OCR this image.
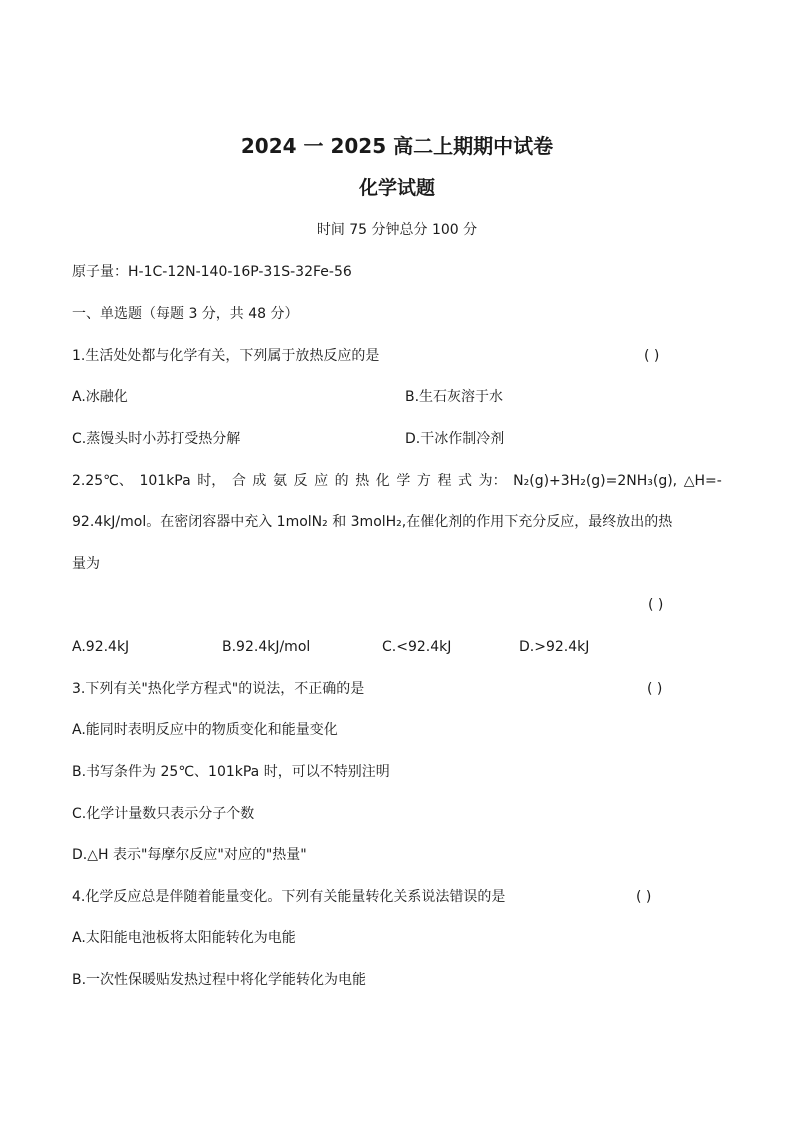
2024 一 2025 高二上期期中试卷
化学试题
时间 75 分钟总分 100 分
原子量：H-1C-12N-140-16P-31S-32Fe-56
一、单选题（每题 3 分，共 48 分）
1.生活处处都与化学有关，下列属于放热反应的是	( )
A.冰融化	B.生石灰溶于水
C.蒸馒头时小苏打受热分解	D.干冰作制冷剂
2.25℃、 101kPa 时， 合 成 氨 反 应 的 热 化 学 方 程 式 为： N₂(g)+3H₂(g)=2NH₃(g), △H=-
92.4kJ/mol。在密闭容器中充入 1molN₂ 和 3molH₂,在催化剂的作用下充分反应，最终放出的热
量为
( )
A.92.4kJ	B.92.4kJ/mol	C.<92.4kJ	D.>92.4kJ
3.下列有关"热化学方程式"的说法，不正确的是	( )
A.能同时表明反应中的物质变化和能量变化
B.书写条件为 25℃、101kPa 时，可以不特别注明
C.化学计量数只表示分子个数
D.△H 表示"每摩尔反应"对应的"热量"
4.化学反应总是伴随着能量变化。下列有关能量转化关系说法错误的是	( )
A.太阳能电池板将太阳能转化为电能
B.一次性保暖贴发热过程中将化学能转化为电能
